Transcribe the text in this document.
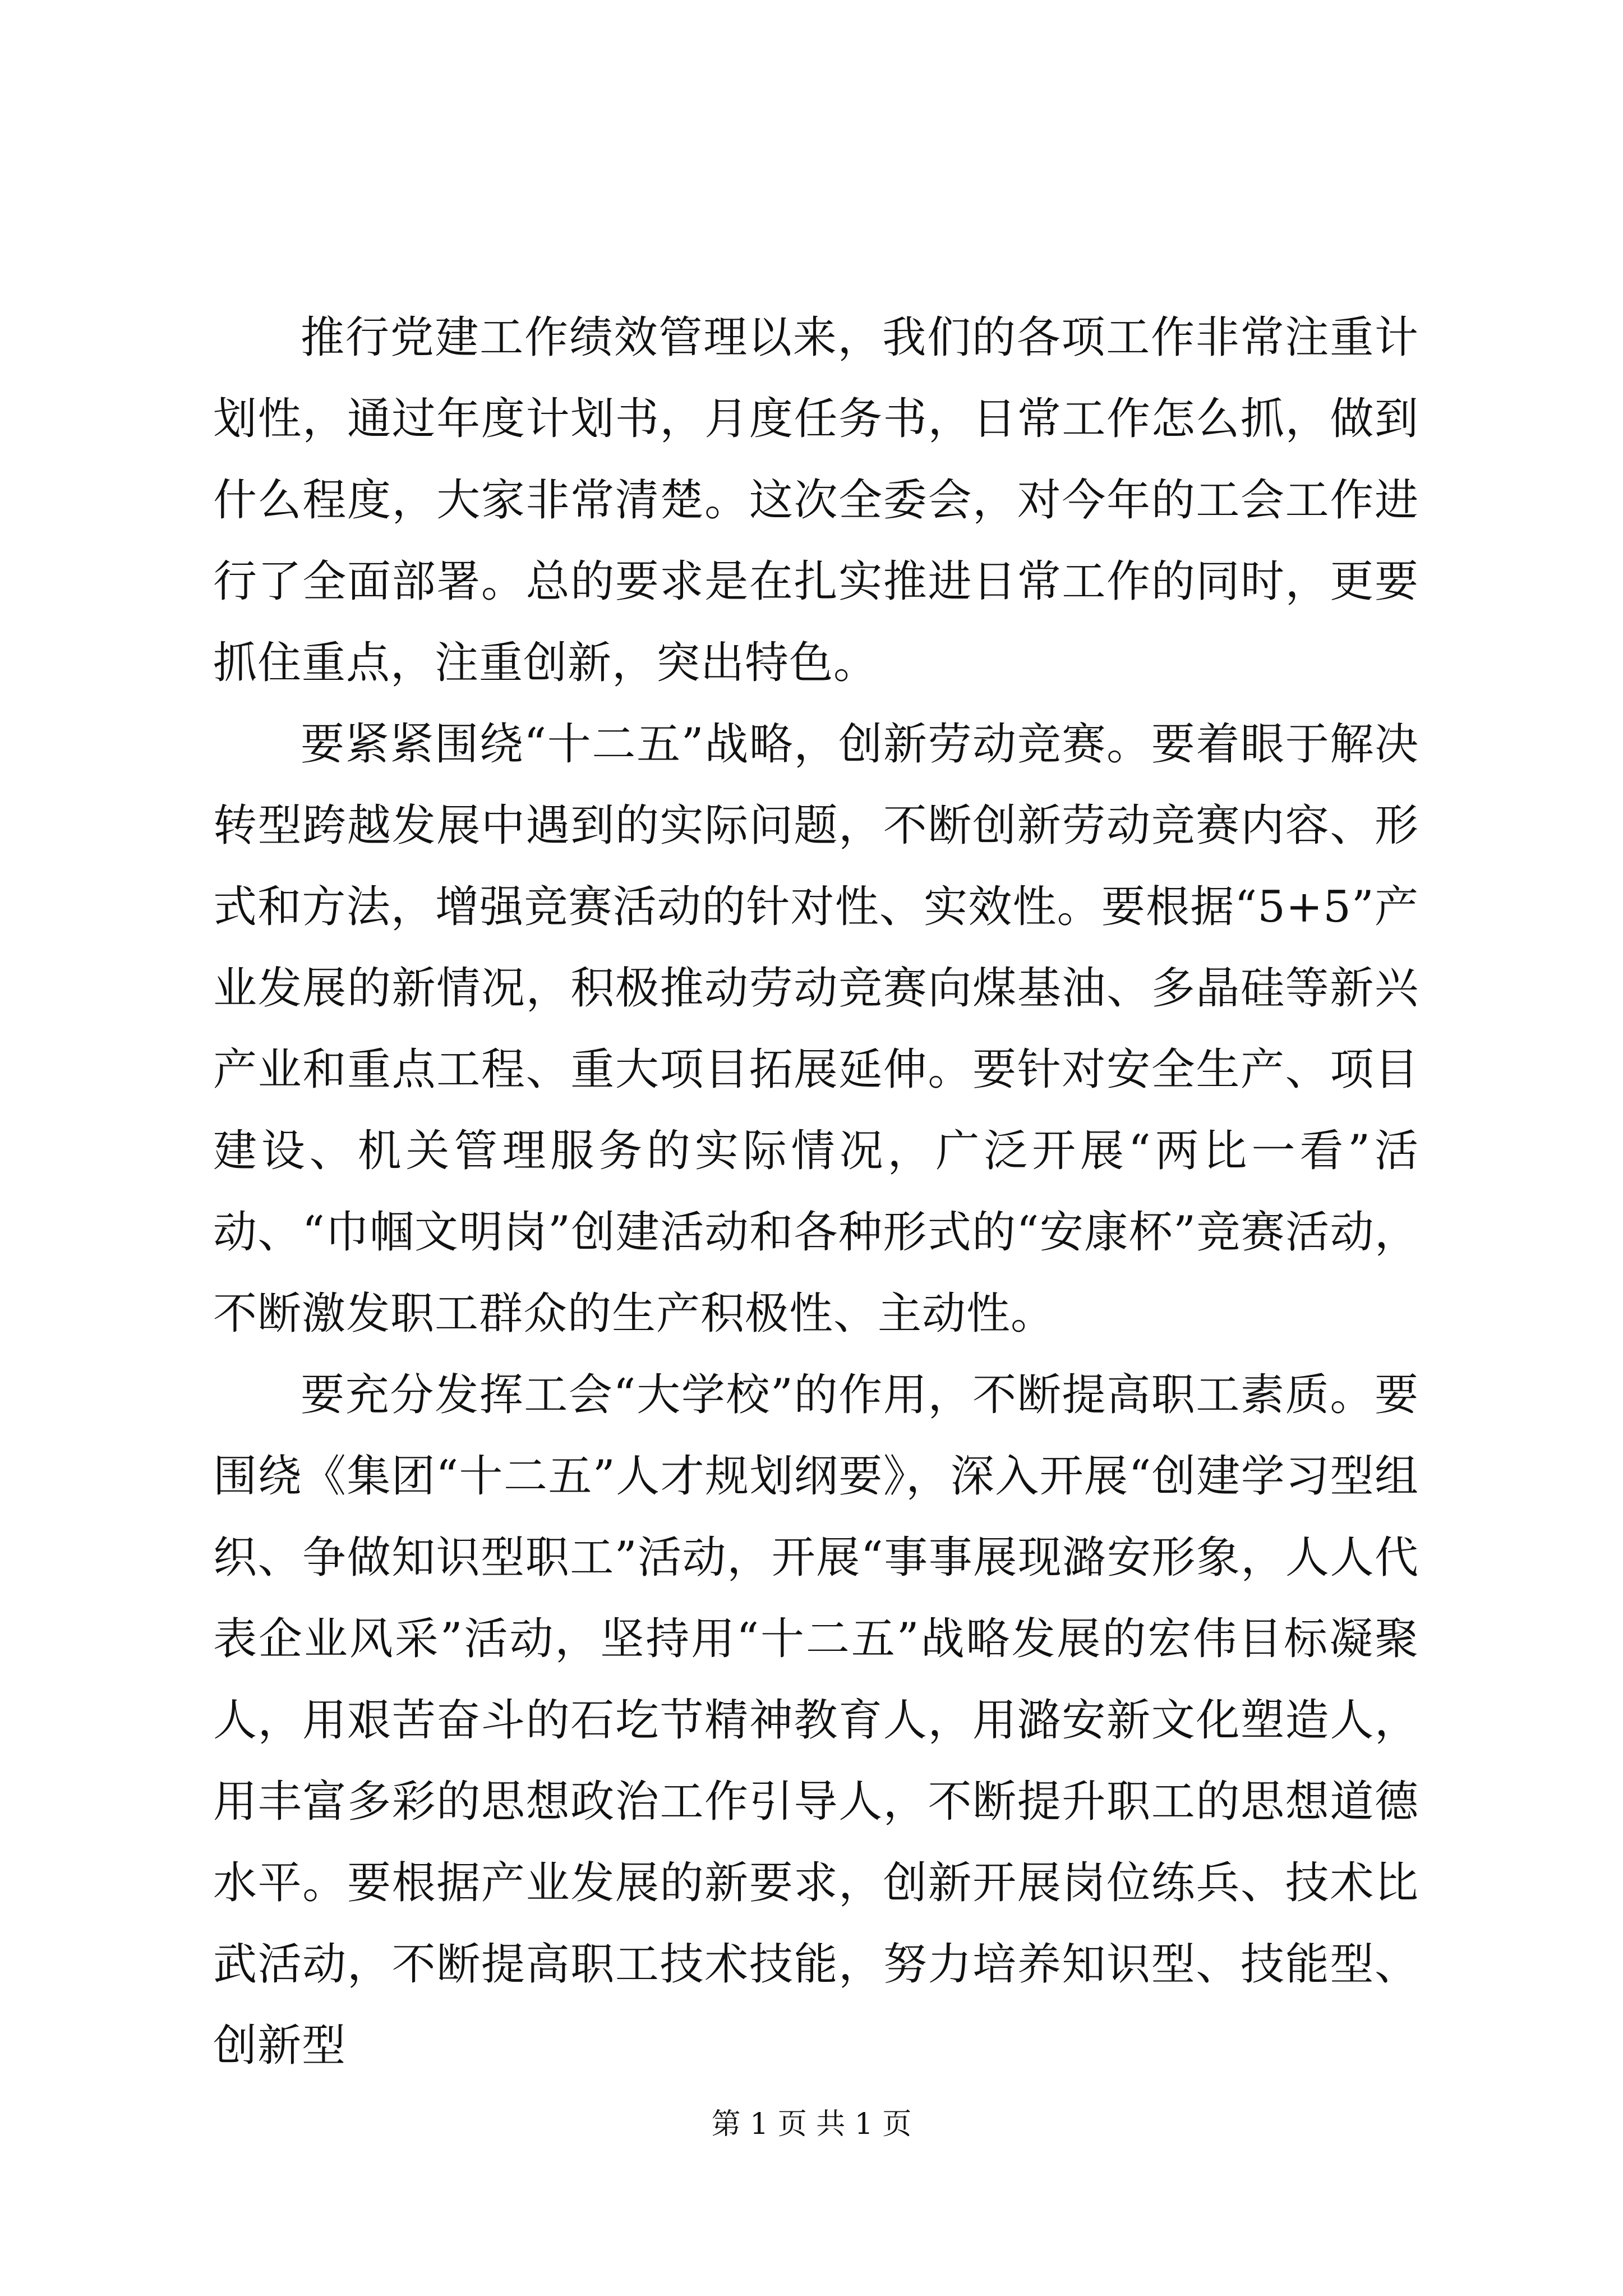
推行党建工作绩效管理以来，我们的各项工作非常注重计划性，通过年度计划书，月度任务书，日常工作怎么抓，做到什么程度，大家非常清楚。这次全委会，对今年的工会工作进行了全面部署。总的要求是在扎实推进日常工作的同时，更要抓住重点，注重创新，突出特色。

要紧紧围绕“十二五”战略，创新劳动竞赛。要着眼于解决转型跨越发展中遇到的实际问题，不断创新劳动竞赛内容、形式和方法，增强竞赛活动的针对性、实效性。要根据“5+5”产业发展的新情况，积极推动劳动竞赛向煤基油、多晶硅等新兴产业和重点工程、重大项目拓展延伸。要针对安全生产、项目建设、机关管理服务的实际情况，广泛开展“两比一看”活动、“巾帼文明岗”创建活动和各种形式的“安康杯”竞赛活动，不断激发职工群众的生产积极性、主动性。

要充分发挥工会“大学校”的作用，不断提高职工素质。要围绕《集团“十二五”人才规划纲要》，深入开展“创建学习型组织、争做知识型职工”活动，开展“事事展现潞安形象，人人代表企业风采”活动，坚持用“十二五”战略发展的宏伟目标凝聚人，用艰苦奋斗的石圪节精神教育人，用潞安新文化塑造人，用丰富多彩的思想政治工作引导人，不断提升职工的思想道德水平。要根据产业发展的新要求，创新开展岗位练兵、技术比武活动，不断提高职工技术技能，努力培养知识型、技能型、创新型

第 1 页 共 1 页
